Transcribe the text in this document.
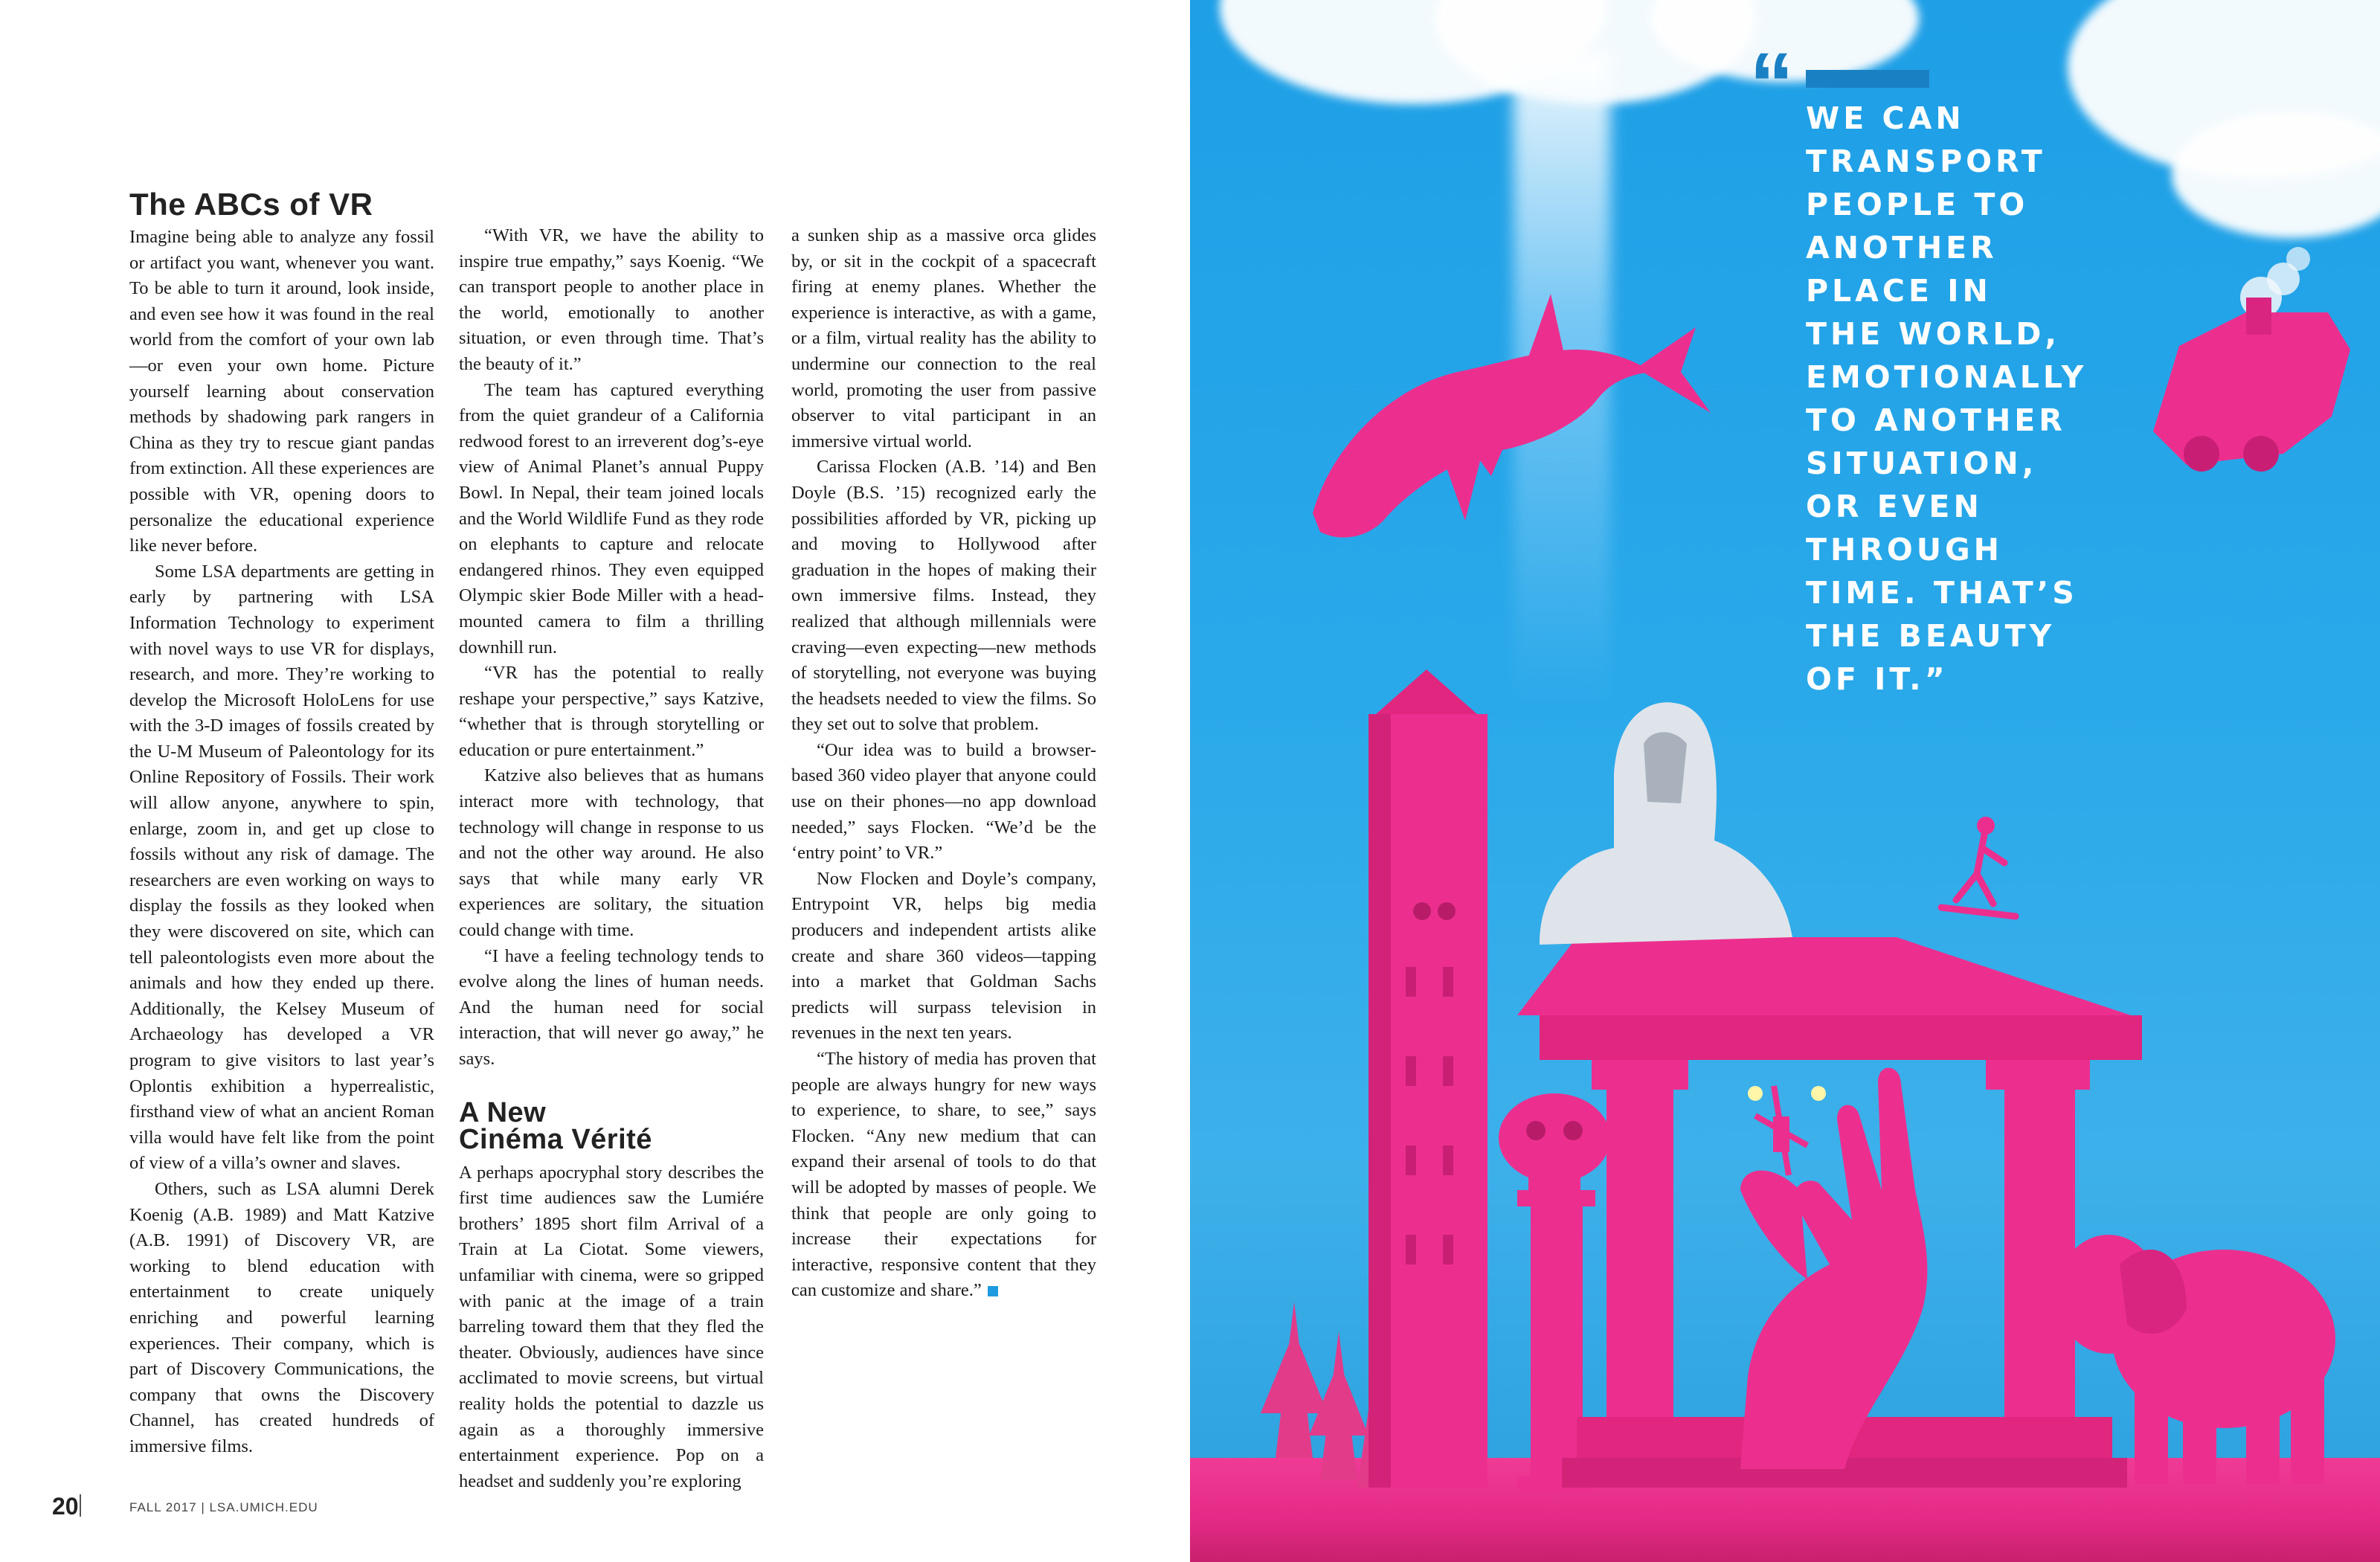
The ABCs of VR

Imagine being able to analyze any fossil or artifact you want, whenever you want. To be able to turn it around, look inside, and even see how it was found in the real world from the comfort of your own lab—or even your own home. Picture yourself learning about conservation methods by shadowing park rangers in China as they try to rescue giant pandas from extinction. All these experiences are possible with VR, opening doors to personalize the educational experience like never before.

Some LSA departments are getting in early by partnering with LSA Information Technology to experiment with novel ways to use VR for displays, research, and more. They’re working to develop the Microsoft HoloLens for use with the 3-D images of fossils created by the U-M Museum of Paleontology for its Online Repository of Fossils. Their work will allow anyone, anywhere to spin, enlarge, zoom in, and get up close to fossils without any risk of damage. The researchers are even working on ways to display the fossils as they looked when they were discovered on site, which can tell paleontologists even more about the animals and how they ended up there. Additionally, the Kelsey Museum of Archaeology has developed a VR program to give visitors to last year’s Oplontis exhibition a hyperrealistic, firsthand view of what an ancient Roman villa would have felt like from the point of view of a villa’s owner and slaves.

Others, such as LSA alumni Derek Koenig (A.B. 1989) and Matt Katzive (A.B. 1991) of Discovery VR, are working to blend education with entertainment to create uniquely enriching and powerful learning experiences. Their company, which is part of Discovery Communications, the company that owns the Discovery Channel, has created hundreds of immersive films.

“With VR, we have the ability to inspire true empathy,” says Koenig. “We can transport people to another place in the world, emotionally to another situation, or even through time. That’s the beauty of it.”

The team has captured everything from the quiet grandeur of a California redwood forest to an irreverent dog’s-eye view of Animal Planet’s annual Puppy Bowl. In Nepal, their team joined locals and the World Wildlife Fund as they rode on elephants to capture and relocate endangered rhinos. They even equipped Olympic skier Bode Miller with a head-mounted camera to film a thrilling downhill run.

“VR has the potential to really reshape your perspective,” says Katzive, “whether that is through storytelling or education or pure entertainment.”

Katzive also believes that as humans interact more with technology, that technology will change in response to us and not the other way around. He also says that while many early VR experiences are solitary, the situation could change with time.

“I have a feeling technology tends to evolve along the lines of human needs. And the human need for social interaction, that will never go away,” he says.

A New
Cinéma Vérité

A perhaps apocryphal story describes the first time audiences saw the Lumiére brothers’ 1895 short film Arrival of a Train at La Ciotat. Some viewers, unfamiliar with cinema, were so gripped with panic at the image of a train barreling toward them that they fled the theater. Obviously, audiences have since acclimated to movie screens, but virtual reality holds the potential to dazzle us again as a thoroughly immersive entertainment experience. Pop on a headset and suddenly you’re exploring

a sunken ship as a massive orca glides by, or sit in the cockpit of a spacecraft firing at enemy planes. Whether the experience is interactive, as with a game, or a film, virtual reality has the ability to undermine our connection to the real world, promoting the user from passive observer to vital participant in an immersive virtual world.

Carissa Flocken (A.B. ’14) and Ben Doyle (B.S. ’15) recognized early the possibilities afforded by VR, picking up and moving to Hollywood after graduation in the hopes of making their own immersive films. Instead, they realized that although millennials were craving—even expecting—new methods of storytelling, not everyone was buying the headsets needed to view the films. So they set out to solve that problem.

“Our idea was to build a browser-based 360 video player that anyone could use on their phones—no app download needed,” says Flocken. “We’d be the ‘entry point’ to VR.”

Now Flocken and Doyle’s company, Entrypoint VR, helps big media producers and independent artists alike create and share 360 videos—tapping into a market that Goldman Sachs predicts will surpass television in revenues in the next ten years.

“The history of media has proven that people are always hungry for new ways to experience, to share, to see,” says Flocken. “Any new medium that can expand their arsenal of tools to do that will be adopted by masses of people. We think that people are only going to increase their expectations for interactive, responsive content that they can customize and share.”

20	FALL 2017 | LSA.UMICH.EDU
“ WE CAN
TRANSPORT
PEOPLE TO
ANOTHER
PLACE IN
THE WORLD,
EMOTIONALLY
TO ANOTHER
SITUATION,
OR EVEN
THROUGH
TIME. THAT’S
THE BEAUTY
OF IT.”
